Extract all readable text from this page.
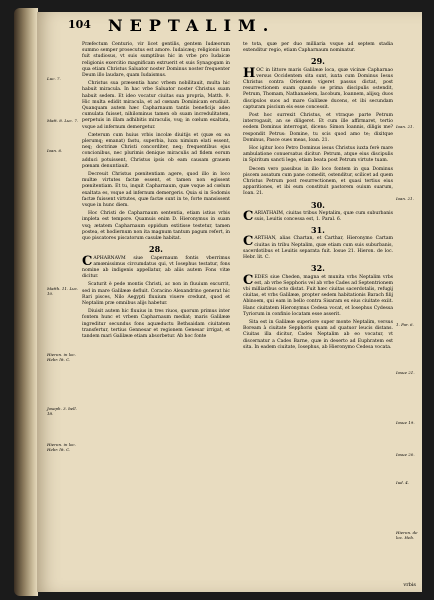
104 NEPTALIM.
Luc. 7.
Matt. 8. Luc. 7.
Ioan. 6.
Matth. 11. Luc. 10.
Hieron. in loc. Hebr. lit. C.
Joseph. 3. bell. 18.
Hieron. in loc. Hebr. lit. C.

Præfectum Centurio, vir licet gentilis, gentem Iudæorum summo semper prosecutus est amore. Iudaicæq; religionis tam fuit studiosus, vt suis sumptibus hic in vrbe pro Iudaicæ religionis exercitio magnificam extruerit et suis Synagogam in qua etiam Christus Saluator noster Dominus noster frequenter Deum illo laudare, quam Iudaismus.

Christus sua præsentia hanc vrbem nobilitauit, multa hic habuit miracula. In hac vrbe Saluator noster Christus suam habuit sedem. Et ideo vocatur ciuitas sua propria, Matth. 9. Hic multa edidit miracula, et ad cœnam Dominicam erudiuit. Quanquam autem hæc Capharnaum tantis beneficijs adeo cumulata fuisset, nihilominus tamen ob suam incredulitatem, perpetuis in illam adhibitis miraculis, vsq; in cœlum exaltata, vsque ad infernum demergetur.

Cæterum cum huius vrbis incolæ diuitijs et (quæ ex ea plerumq; emanat) fastu, superbia, luxu nimium elati essent, neq; doctrinæ Christi concorditer, neq; frequentibus ejus concionibus, nec plurimis denique miraculis ad fidem eorum adduci potuissent, Christus ipsis ob eam causam grauem pœnam denuntiauit.

Decreuit Christus pœnitentiam agere, quod illo in loco multæ virtutes factæ essent, et tamen non egissent pœnitentiam. Et tu, inquit Capharnaum, quæ vsque ad cœlum exaltata es, vsque ad infernum demergeris. Quia si in Sodomis factæ fuissent virtutes, quæ factæ sunt in te, forte mansissent vsque in hunc diem.

Hoc Christi de Capharnaum sententia, etiam istius vrbis impleta est tempore. Quamuis enim D. Hieronymus in suam vsq; ætatem Capharnaum oppidum extitisse testetur, tamen postea, et hodiernum non ita magnum tantum pagum refert, in quo piscatores piscatorum casulæ habitat.

28.

CAPHARNAVM siue Capernaum fontis vberrimus amœnissimus circumdatus qui, vt Iosephus testatur, fons nomine ab indigenis appellatur, ab aliis autem Fons vitæ dicitur.

Scaturit è pede montis Christi, ac non in fluuium excurrit, sed in mare Galilææ defluit. Coracino Alexandrino generat hic Rari pisces, Nilo Aegypti fluuium viuere credunt, quod et Neptalim præ omnibus alijs habetur.

Diuisit autem hic fluuius in tres riuos, quorum primus inter fontem hunc et vrbem Capharnaum mediat; maris Galilææ ingreditur secundus fons aquæductu Bethsaidam ciuitatem transfertur, tertius Gennesar et regionem Genesar irrigat, et tandem mari Galilææ etiam absorbetur. Ab hoc fonte

te tota, quæ per duo milliaria vsque ad septem stadia extenditur regio, etiam Capharnaum nominatur.

29.

HOC in littore maris Galilææ loca, quæ vicinæ Capharnao versus Occidentem sita sunt, iuxta cum Dominus Iesus Christus contra Orientem vigeret passus dictat, post resurrectionem suam quando se prima discipulis ostendit, Petrum, Thomam, Nathanaelem, Iacobum, Ioannem, alijsq; duos discipulos suos ad mare Galilææ ducens, et ibi secundam capturam piscium eis esse concessit.

Post hoc surrexit Christus, et vtraque parte Petrum interrogauit, an se diligeret. Et cum ille affirmaret, tertio eodem Dominus interrogat, dicens: Simon Ioannis, diligis me? respondit Petrus: Domine, tu scis quod amo te; dixitque Dominus, Pasce oues meas, Ioan. 21.

Hoc igitur loco Petro Dominus iesus Christus iuxta ferè mare ambulatione conuersatus dicitur: Petrum, atque eius discipulis in Spiritum sancti lege, etiam beata post Petrum virtute tuam.

Decem vero passibus in illo loco fontem in qua Dominus piscem assatum cum pane comedit, ostenditur, scilicet ad quem Christus Petrum post resurrectionem, et quasi tertius eius apparitiones, et ibi eum constituit pastorem ouium suarum, Ioan. 21.

30.

CARIATHAIM, ciuitas tribus Neptalim, quæ cum suburbanis suis, Leuitis concessa est, 1. Paral. 6.

31.

CARTHAN, alias Chartan, et Carthar, Hieronymo Cartam ciuitas in tribu Neptalim, quæ etiam cum suis suburbanis, sacerdotibus et Leuitis separata fuit. Iosue 21. Hieron. de loc. Hebr. lit. C.

32.

CEDES siue Cheden, magna et munita vrbs Neptalim vrbs est, ab vrbe Sepphoris vel ab vrbe Cades ad Septentrionem vbi milliaribus octo distat. Fuit hæc ciuitas sacerdotalis, refugij ciuitas, et vrbs Galilææ, propter sedem habitationis Barach filij Abinoem, qui eam in bello contra Sisaram ex eius ciuitate exiit. Hanc ciuitatem Hieronymus Cedesa vocat, et Iosephus Cydessa Tyriorum in confinio locatam esse asserit.

Sita est in Galilææ superiore super monte Neptalim, versus Boream à ciuitate Sepphoris quam ad quatuor leucis distans. Ciuitas illa dicitur, Cades Neptalim ab eo vocatur, vt discernatur a Cades Barne, quæ in deserto ad Euphratem est sita. In eadem ciuitate, Iosephus, ab Hieronymo Cedesa vocata.

Ioan. 21.
Ioan. 21.
1. Par. 6.
Iosue 21.
Iosue 19.
Iosue 20.
Iud. 4.
Hieron. de loc. Heb.
vrbis
